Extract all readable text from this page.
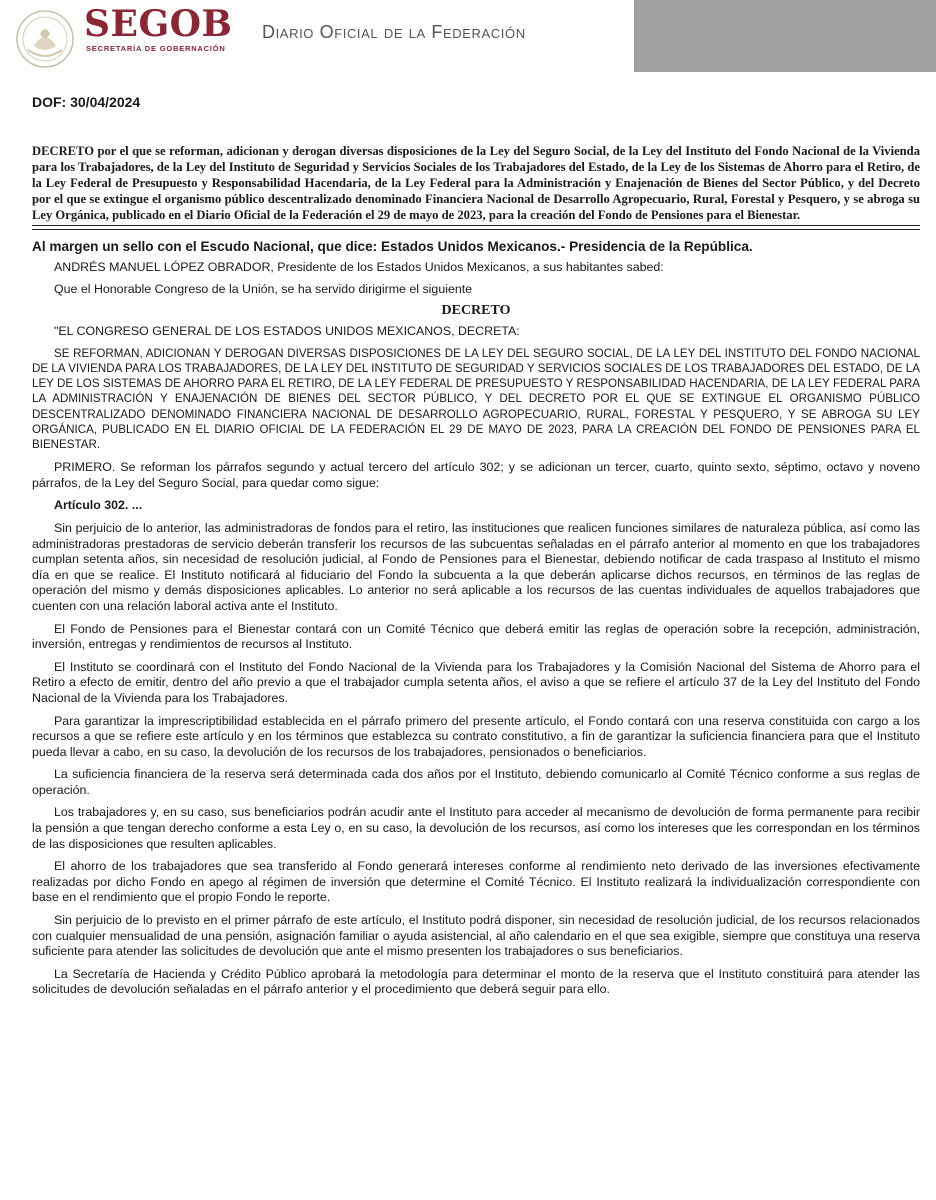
SEGOB
SECRETARÍA DE GOBERNACIÓN
Diario Oficial de la Federación

DOF: 30/04/2024

DECRETO por el que se reforman, adicionan y derogan diversas disposiciones de la Ley del Seguro Social, de la Ley del Instituto del Fondo Nacional de la Vivienda para los Trabajadores, de la Ley del Instituto de Seguridad y Servicios Sociales de los Trabajadores del Estado, de la Ley de los Sistemas de Ahorro para el Retiro, de la Ley Federal de Presupuesto y Responsabilidad Hacendaria, de la Ley Federal para la Administración y Enajenación de Bienes del Sector Público, y del Decreto por el que se extingue el organismo público descentralizado denominado Financiera Nacional de Desarrollo Agropecuario, Rural, Forestal y Pesquero, y se abroga su Ley Orgánica, publicado en el Diario Oficial de la Federación el 29 de mayo de 2023, para la creación del Fondo de Pensiones para el Bienestar.

Al margen un sello con el Escudo Nacional, que dice: Estados Unidos Mexicanos.- Presidencia de la República.

ANDRÉS MANUEL LÓPEZ OBRADOR, Presidente de los Estados Unidos Mexicanos, a sus habitantes sabed:

Que el Honorable Congreso de la Unión, se ha servido dirigirme el siguiente

DECRETO

"EL CONGRESO GENERAL DE LOS ESTADOS UNIDOS MEXICANOS, DECRETA:

SE REFORMAN, ADICIONAN Y DEROGAN DIVERSAS DISPOSICIONES DE LA LEY DEL SEGURO SOCIAL, DE LA LEY DEL INSTITUTO DEL FONDO NACIONAL DE LA VIVIENDA PARA LOS TRABAJADORES, DE LA LEY DEL INSTITUTO DE SEGURIDAD Y SERVICIOS SOCIALES DE LOS TRABAJADORES DEL ESTADO, DE LA LEY DE LOS SISTEMAS DE AHORRO PARA EL RETIRO, DE LA LEY FEDERAL DE PRESUPUESTO Y RESPONSABILIDAD HACENDARIA, DE LA LEY FEDERAL PARA LA ADMINISTRACIÓN Y ENAJENACIÓN DE BIENES DEL SECTOR PÚBLICO, Y DEL DECRETO POR EL QUE SE EXTINGUE EL ORGANISMO PÚBLICO DESCENTRALIZADO DENOMINADO FINANCIERA NACIONAL DE DESARROLLO AGROPECUARIO, RURAL, FORESTAL Y PESQUERO, Y SE ABROGA SU LEY ORGÁNICA, PUBLICADO EN EL DIARIO OFICIAL DE LA FEDERACIÓN EL 29 DE MAYO DE 2023, PARA LA CREACIÓN DEL FONDO DE PENSIONES PARA EL BIENESTAR.

PRIMERO. Se reforman los párrafos segundo y actual tercero del artículo 302; y se adicionan un tercer, cuarto, quinto sexto, séptimo, octavo y noveno párrafos, de la Ley del Seguro Social, para quedar como sigue:

Artículo 302. ...

Sin perjuicio de lo anterior, las administradoras de fondos para el retiro, las instituciones que realicen funciones similares de naturaleza pública, así como las administradoras prestadoras de servicio deberán transferir los recursos de las subcuentas señaladas en el párrafo anterior al momento en que los trabajadores cumplan setenta años, sin necesidad de resolución judicial, al Fondo de Pensiones para el Bienestar, debiendo notificar de cada traspaso al Instituto el mismo día en que se realice. El Instituto notificará al fiduciario del Fondo la subcuenta a la que deberán aplicarse dichos recursos, en términos de las reglas de operación del mismo y demás disposiciones aplicables. Lo anterior no será aplicable a los recursos de las cuentas individuales de aquellos trabajadores que cuenten con una relación laboral activa ante el Instituto.

El Fondo de Pensiones para el Bienestar contará con un Comité Técnico que deberá emitir las reglas de operación sobre la recepción, administración, inversión, entregas y rendimientos de recursos al Instituto.

El Instituto se coordinará con el Instituto del Fondo Nacional de la Vivienda para los Trabajadores y la Comisión Nacional del Sistema de Ahorro para el Retiro a efecto de emitir, dentro del año previo a que el trabajador cumpla setenta años, el aviso a que se refiere el artículo 37 de la Ley del Instituto del Fondo Nacional de la Vivienda para los Trabajadores.

Para garantizar la imprescriptibilidad establecida en el párrafo primero del presente artículo, el Fondo contará con una reserva constituida con cargo a los recursos a que se refiere este artículo y en los términos que establezca su contrato constitutivo, a fin de garantizar la suficiencia financiera para que el Instituto pueda llevar a cabo, en su caso, la devolución de los recursos de los trabajadores, pensionados o beneficiarios.

La suficiencia financiera de la reserva será determinada cada dos años por el Instituto, debiendo comunicarlo al Comité Técnico conforme a sus reglas de operación.

Los trabajadores y, en su caso, sus beneficiarios podrán acudir ante el Instituto para acceder al mecanismo de devolución de forma permanente para recibir la pensión a que tengan derecho conforme a esta Ley o, en su caso, la devolución de los recursos, así como los intereses que les correspondan en los términos de las disposiciones que resulten aplicables.

El ahorro de los trabajadores que sea transferido al Fondo generará intereses conforme al rendimiento neto derivado de las inversiones efectivamente realizadas por dicho Fondo en apego al régimen de inversión que determine el Comité Técnico. El Instituto realizará la individualización correspondiente con base en el rendimiento que el propio Fondo le reporte.

Sin perjuicio de lo previsto en el primer párrafo de este artículo, el Instituto podrá disponer, sin necesidad de resolución judicial, de los recursos relacionados con cualquier mensualidad de una pensión, asignación familiar o ayuda asistencial, al año calendario en el que sea exigible, siempre que constituya una reserva suficiente para atender las solicitudes de devolución que ante el mismo presenten los trabajadores o sus beneficiarios.

La Secretaría de Hacienda y Crédito Público aprobará la metodología para determinar el monto de la reserva que el Instituto constituirá para atender las solicitudes de devolución señaladas en el párrafo anterior y el procedimiento que deberá seguir para ello.
